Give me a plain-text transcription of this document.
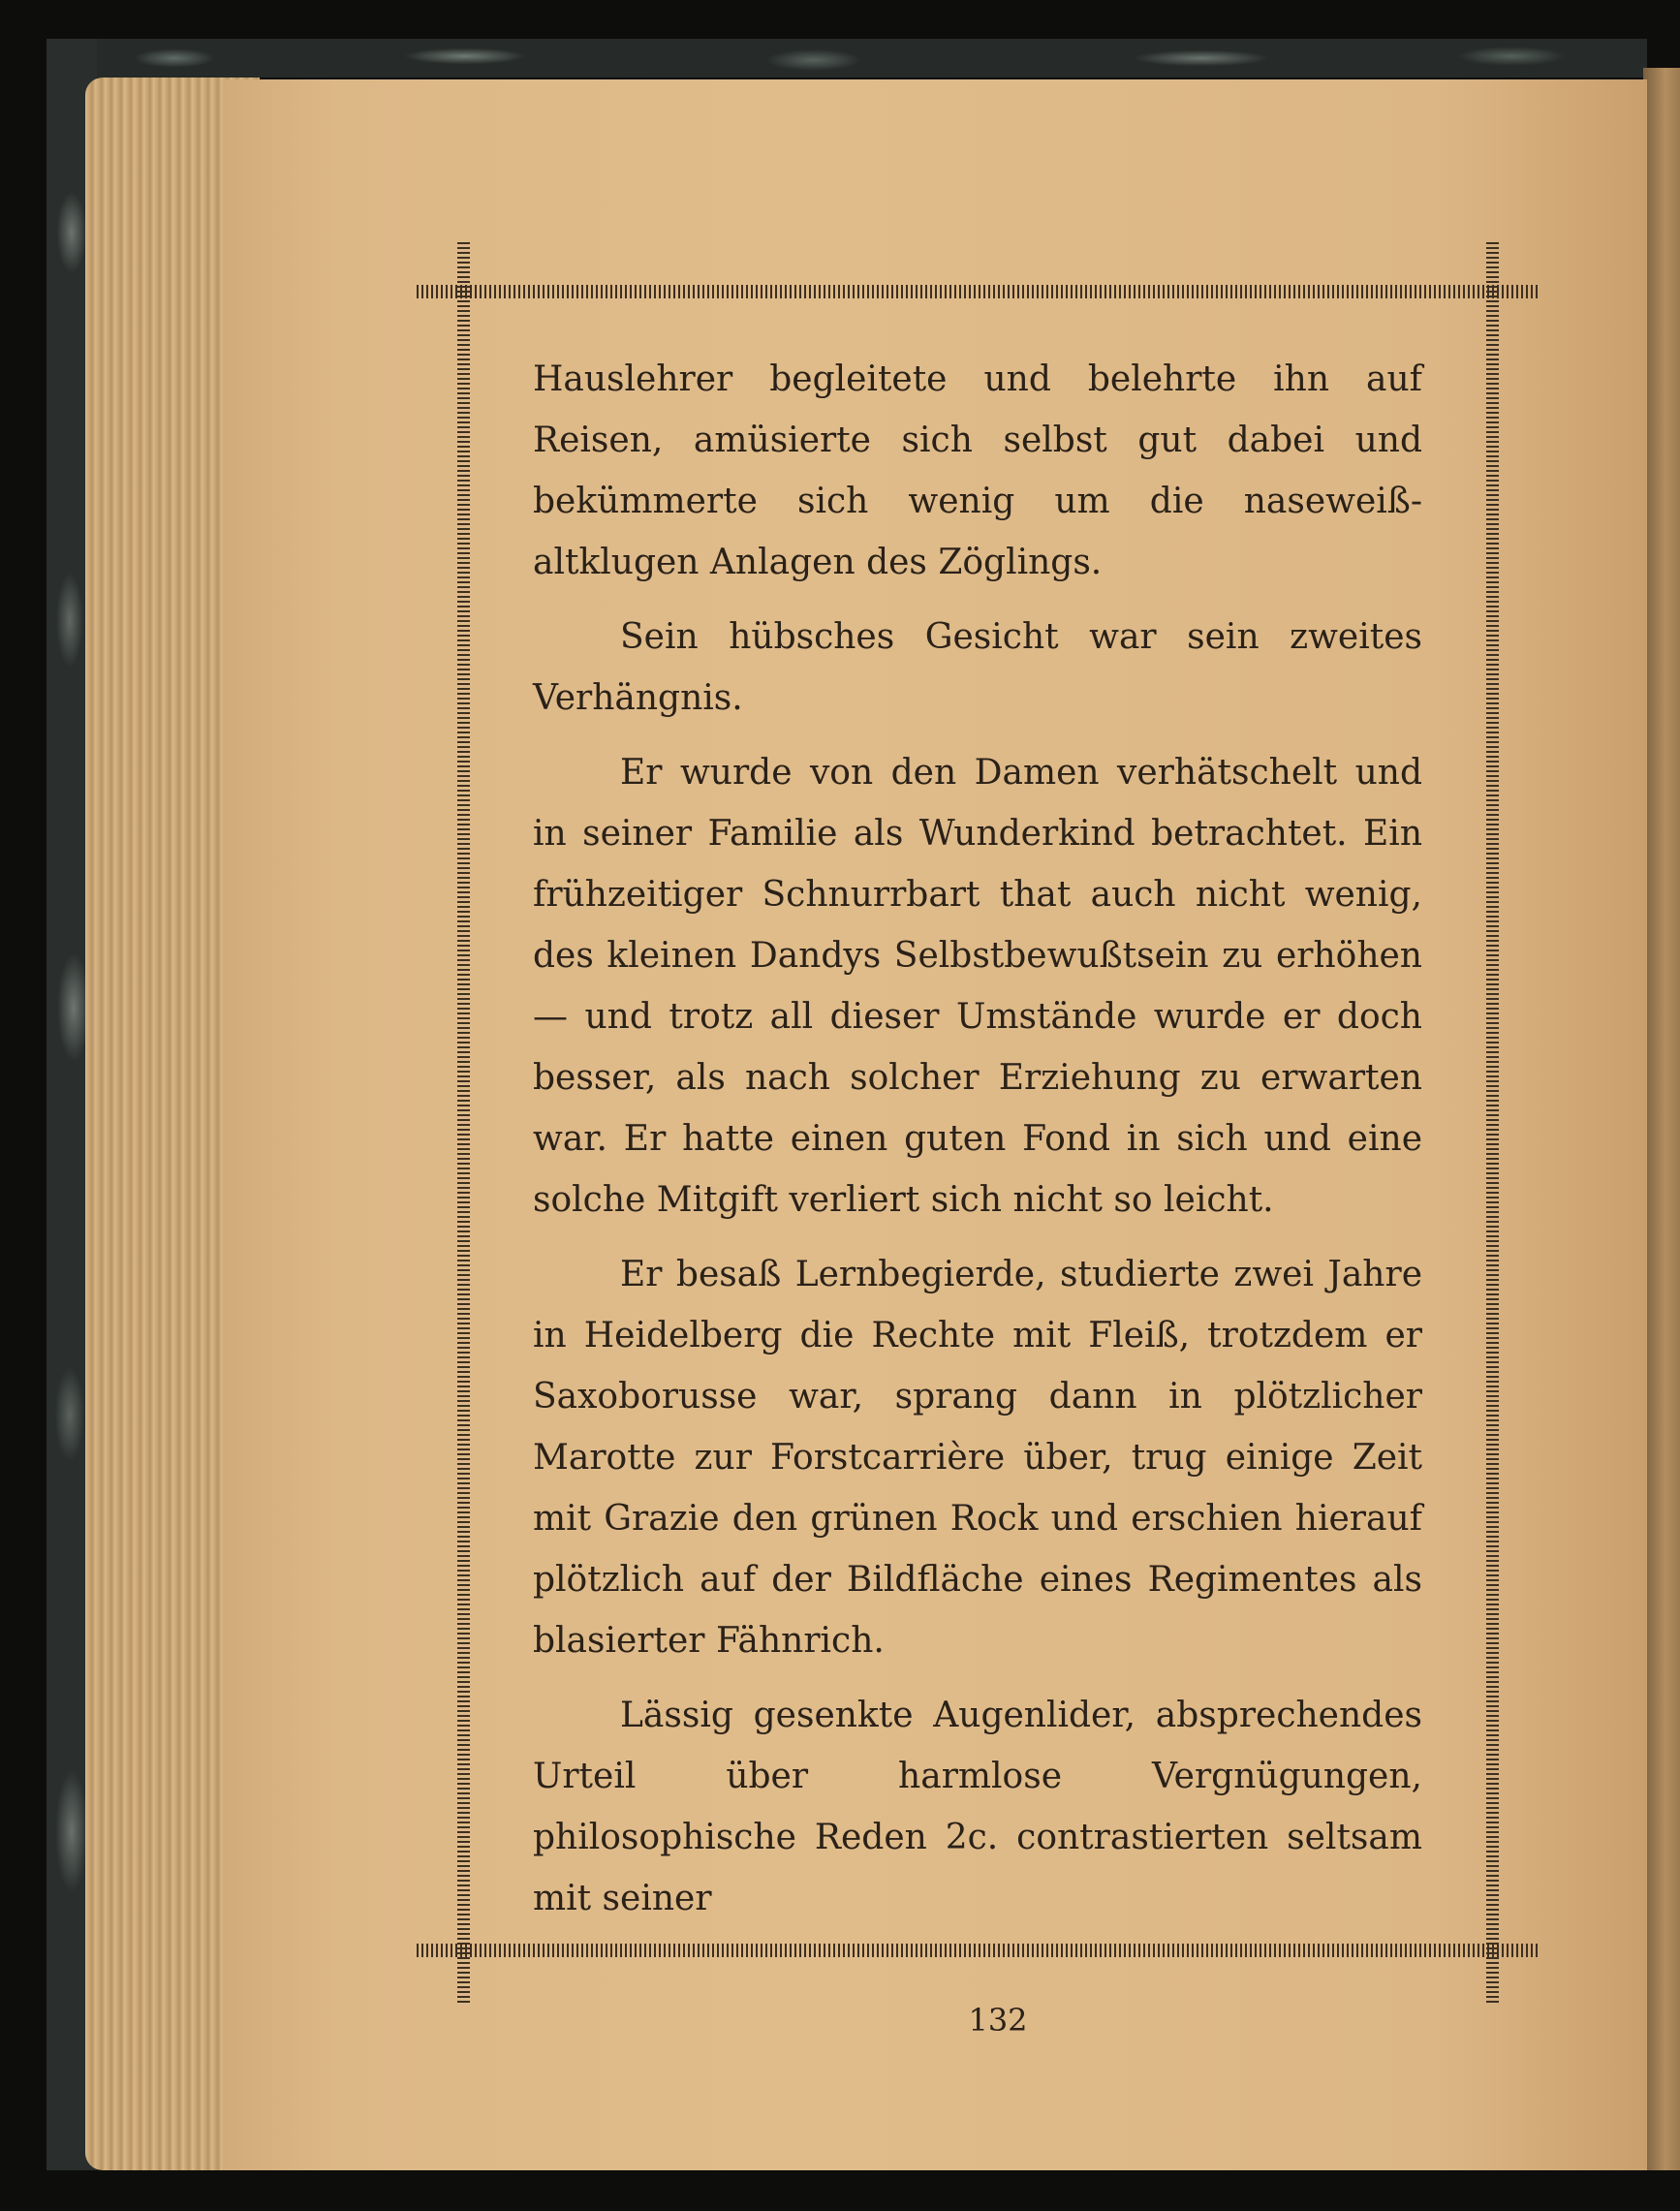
Hauslehrer begleitete und belehrte ihn auf Reisen, amüsierte sich selbst gut dabei und bekümmerte sich wenig um die naseweiß-altklugen Anlagen des Zöglings.

Sein hübsches Gesicht war sein zweites Verhängnis.

Er wurde von den Damen verhätschelt und in seiner Familie als Wunderkind betrachtet. Ein frühzeitiger Schnurrbart that auch nicht wenig, des kleinen Dandys Selbstbewußtsein zu erhöhen — und trotz all dieser Umstände wurde er doch besser, als nach solcher Erziehung zu erwarten war. Er hatte einen guten Fond in sich und eine solche Mitgift verliert sich nicht so leicht.

Er besaß Lernbegierde, studierte zwei Jahre in Heidelberg die Rechte mit Fleiß, trotzdem er Saxoborusse war, sprang dann in plötzlicher Marotte zur Forstcarrière über, trug einige Zeit mit Grazie den grünen Rock und erschien hierauf plötzlich auf der Bildfläche eines Regimentes als blasierter Fähnrich.

Lässig gesenkte Augenlider, absprechendes Urteil über harmlose Vergnügungen, philosophische Reden 2c. contrastierten seltsam mit seiner

132
